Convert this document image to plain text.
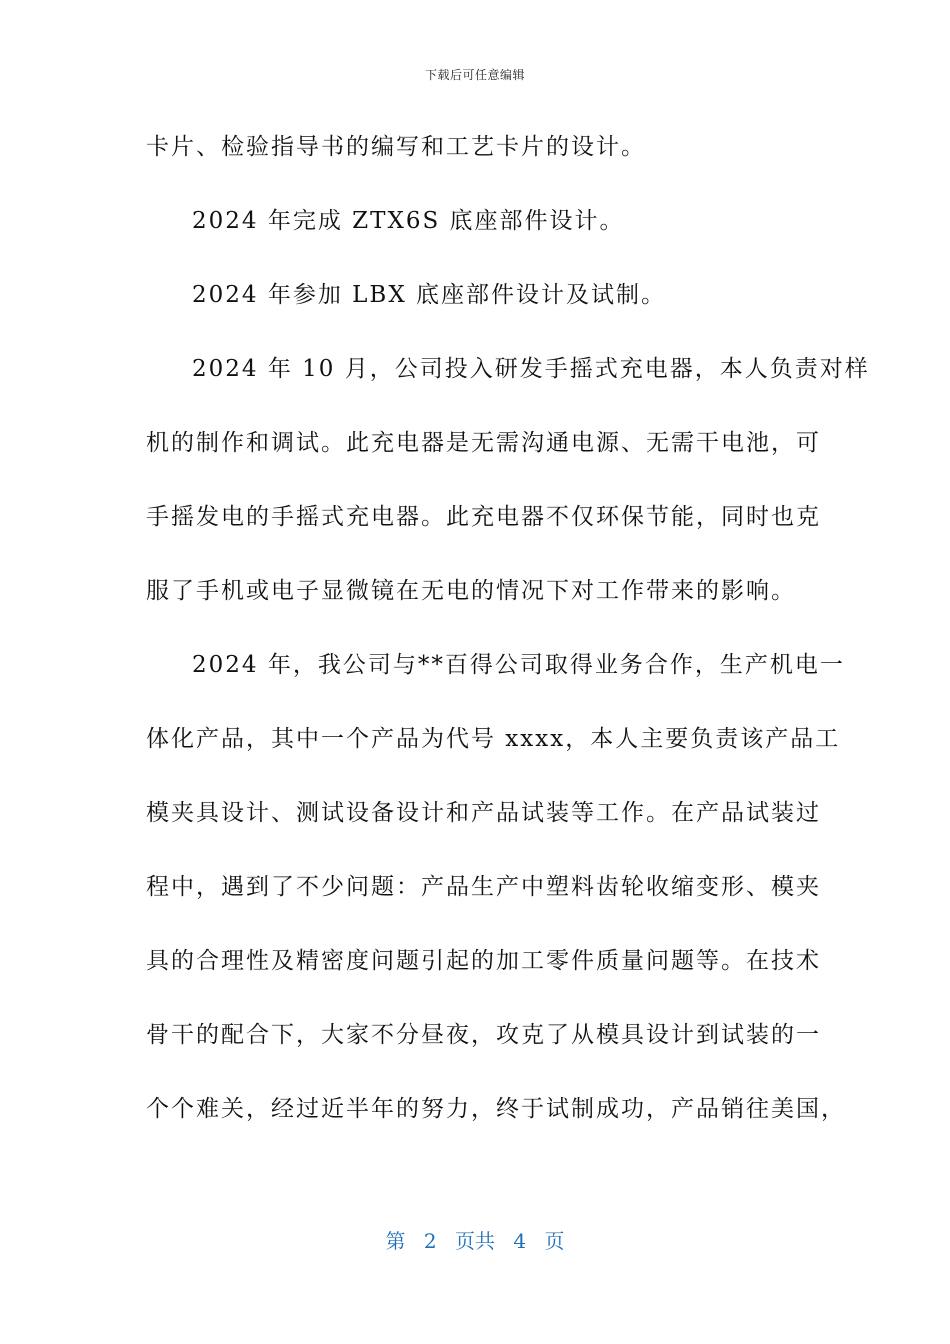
下载后可任意编辑
卡片、检验指导书的编写和工艺卡片的设计。
2024 年完成 ZTX6S 底座部件设计。
2024 年参加 LBX 底座部件设计及试制。
2024 年 10 月，公司投入研发手摇式充电器，本人负责对样
机的制作和调试。此充电器是无需沟通电源、无需干电池，可
手摇发电的手摇式充电器。此充电器不仅环保节能，同时也克
服了手机或电子显微镜在无电的情况下对工作带来的影响。
2024 年，我公司与**百得公司取得业务合作，生产机电一
体化产品，其中一个产品为代号 xxxx，本人主要负责该产品工
模夹具设计、测试设备设计和产品试装等工作。在产品试装过
程中，遇到了不少问题：产品生产中塑料齿轮收缩变形、模夹
具的合理性及精密度问题引起的加工零件质量问题等。在技术
骨干的配合下，大家不分昼夜，攻克了从模具设计到试装的一
个个难关，经过近半年的努力，终于试制成功，产品销往美国，
第 2 页共 4 页
